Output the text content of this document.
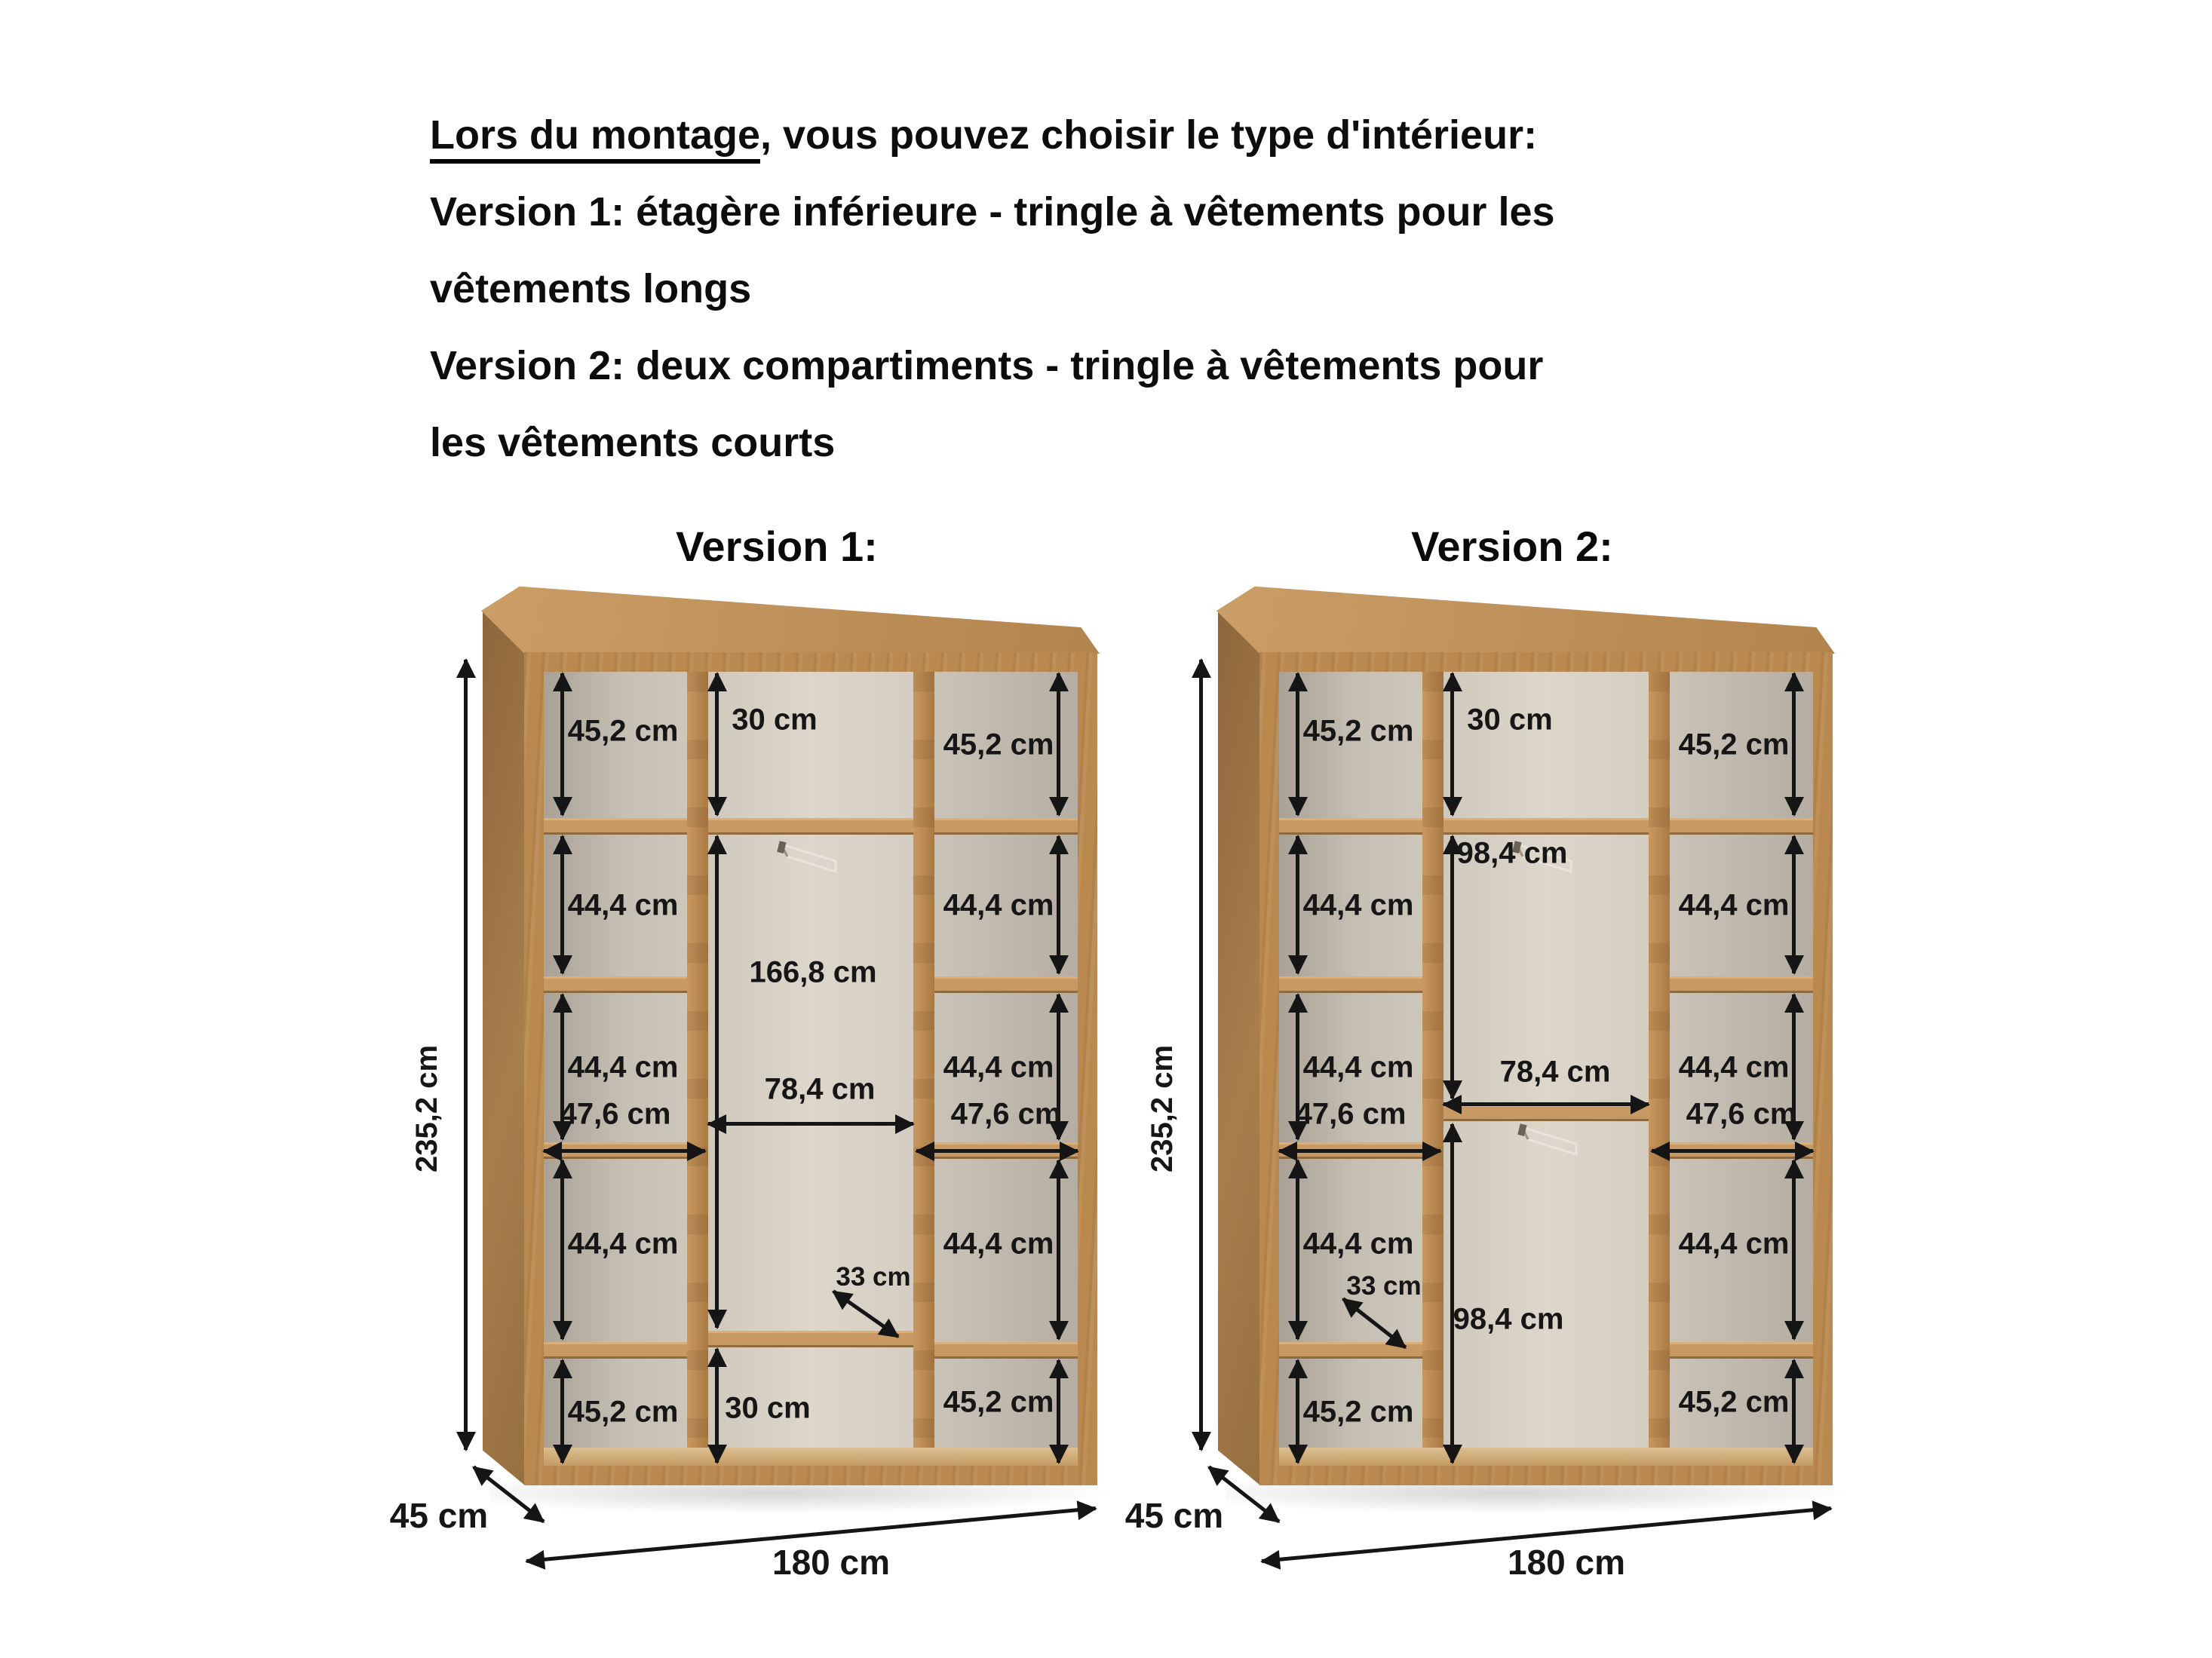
Lors du montage, vous pouvez choisir le type d'intérieur:
Version 1: étagère inférieure - tringle à vêtements pour les
vêtements longs
Version 2: deux compartiments - tringle à vêtements pour
les vêtements courts
Version 1:
45,2 cm
44,4 cm
44,4 cm
47,6 cm
44,4 cm
45,2 cm
30 cm
166,8 cm
78,4 cm
33 cm
30 cm
45,2 cm
44,4 cm
44,4 cm
47,6 cm
44,4 cm
45,2 cm
235,2 cm
45 cm
180 cm
Version 2:
45,2 cm
44,4 cm
44,4 cm
47,6 cm
44,4 cm
33 cm
45,2 cm
30 cm
98,4 cm
78,4 cm
98,4 cm
45,2 cm
44,4 cm
44,4 cm
47,6 cm
44,4 cm
45,2 cm
235,2 cm
45 cm
180 cm
